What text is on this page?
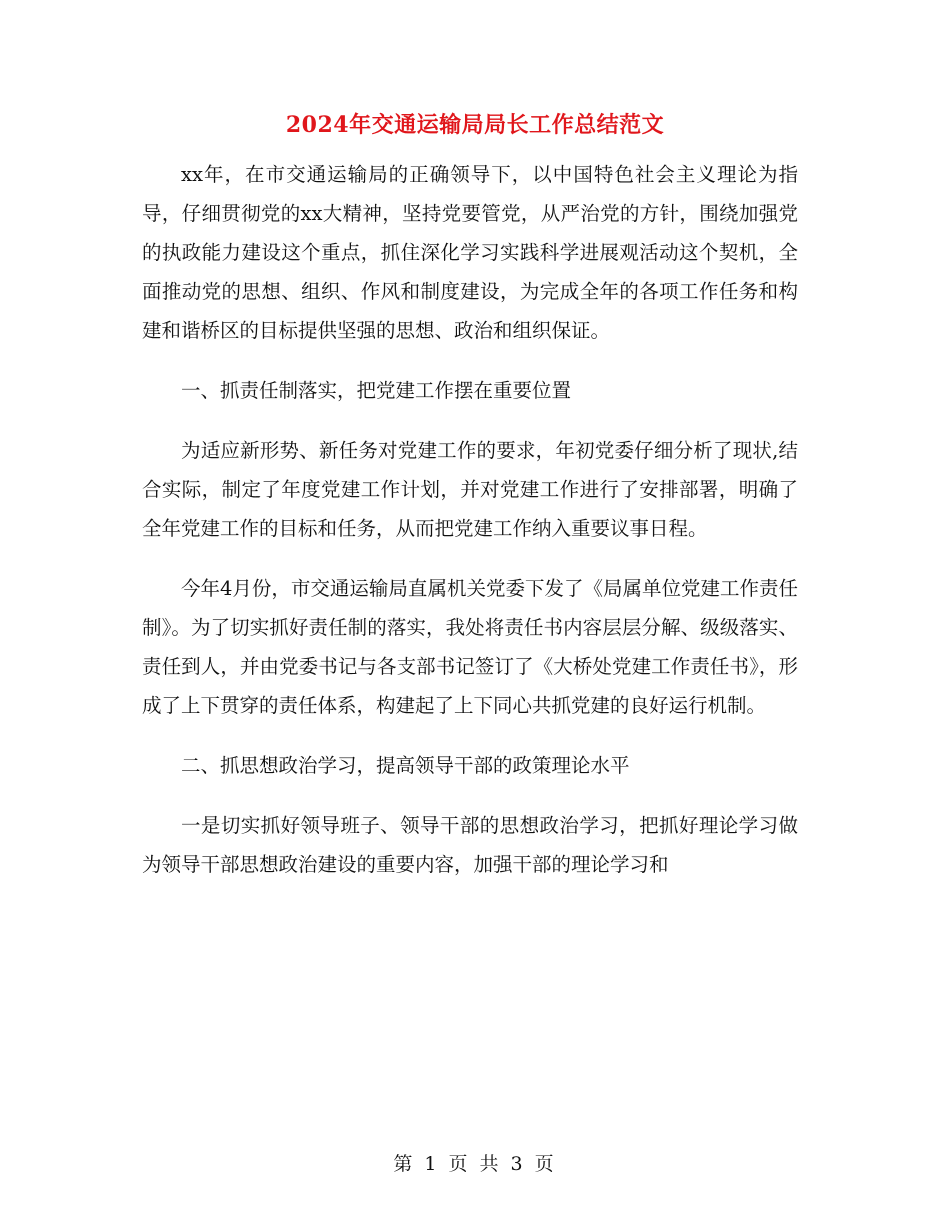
2024年交通运输局局长工作总结范文

xx年，在市交通运输局的正确领导下，以中国特色社会主义理论为指导，仔细贯彻党的xx大精神，坚持党要管党，从严治党的方针，围绕加强党的执政能力建设这个重点，抓住深化学习实践科学进展观活动这个契机，全面推动党的思想、组织、作风和制度建设，为完成全年的各项工作任务和构建和谐桥区的目标提供坚强的思想、政治和组织保证。

一、抓责任制落实，把党建工作摆在重要位置

为适应新形势、新任务对党建工作的要求，年初党委仔细分析了现状,结合实际，制定了年度党建工作计划，并对党建工作进行了安排部署，明确了全年党建工作的目标和任务，从而把党建工作纳入重要议事日程。

今年4月份，市交通运输局直属机关党委下发了《局属单位党建工作责任制》。为了切实抓好责任制的落实，我处将责任书内容层层分解、级级落实、责任到人，并由党委书记与各支部书记签订了《大桥处党建工作责任书》，形成了上下贯穿的责任体系，构建起了上下同心共抓党建的良好运行机制。

二、抓思想政治学习，提高领导干部的政策理论水平

一是切实抓好领导班子、领导干部的思想政治学习，把抓好理论学习做为领导干部思想政治建设的重要内容，加强干部的理论学习和

第 1 页 共 3 页
